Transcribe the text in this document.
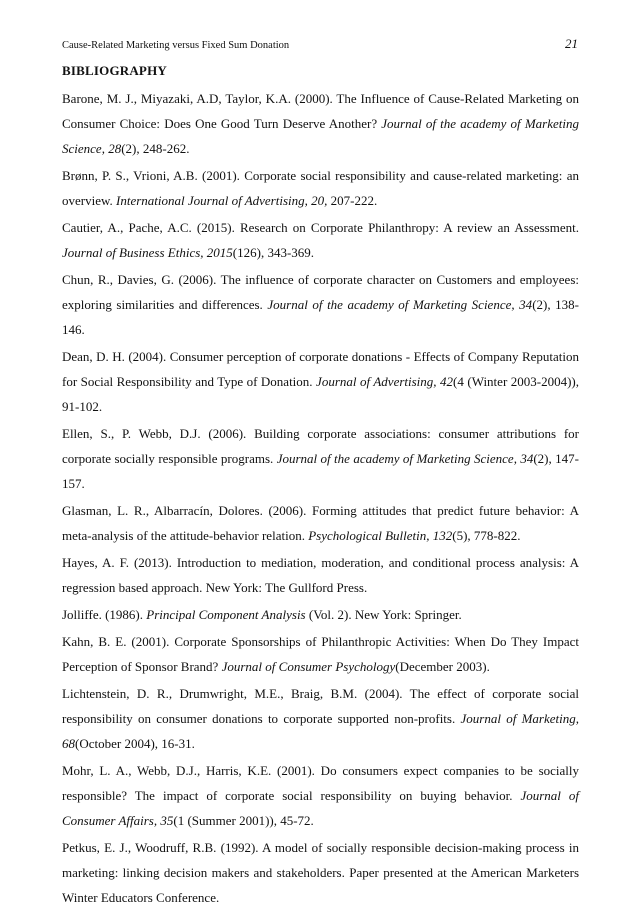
Cause-Related Marketing versus Fixed Sum Donation	21
BIBLIOGRAPHY

Barone, M. J., Miyazaki, A.D, Taylor, K.A. (2000). The Influence of Cause-Related Marketing on Consumer Choice: Does One Good Turn Deserve Another? Journal of the academy of Marketing Science, 28(2), 248-262.

Brønn, P. S., Vrioni, A.B. (2001). Corporate social responsibility and cause-related marketing: an overview. International Journal of Advertising, 20, 207-222.

Cautier, A., Pache, A.C. (2015). Research on Corporate Philanthropy: A review an Assessment. Journal of Business Ethics, 2015(126), 343-369.

Chun, R., Davies, G. (2006). The influence of corporate character on Customers and employees: exploring similarities and differences. Journal of the academy of Marketing Science, 34(2), 138-146.

Dean, D. H. (2004). Consumer perception of corporate donations - Effects of Company Reputation for Social Responsibility and Type of Donation. Journal of Advertising, 42(4 (Winter 2003-2004)), 91-102.

Ellen, S., P. Webb, D.J. (2006). Building corporate associations: consumer attributions for corporate socially responsible programs. Journal of the academy of Marketing Science, 34(2), 147-157.

Glasman, L. R., Albarracín, Dolores. (2006). Forming attitudes that predict future behavior: A meta-analysis of the attitude-behavior relation. Psychological Bulletin, 132(5), 778-822.

Hayes, A. F. (2013). Introduction to mediation, moderation, and conditional process analysis: A regression based approach. New York: The Gullford Press.

Jolliffe. (1986). Principal Component Analysis (Vol. 2). New York: Springer.

Kahn, B. E. (2001). Corporate Sponsorships of Philanthropic Activities: When Do They Impact Perception of Sponsor Brand? Journal of Consumer Psychology(December 2003).

Lichtenstein, D. R., Drumwright, M.E., Braig, B.M. (2004). The effect of corporate social responsibility on consumer donations to corporate supported non-profits. Journal of Marketing, 68(October 2004), 16-31.

Mohr, L. A., Webb, D.J., Harris, K.E. (2001). Do consumers expect companies to be socially responsible? The impact of corporate social responsibility on buying behavior. Journal of Consumer Affairs, 35(1 (Summer 2001)), 45-72.

Petkus, E. J., Woodruff, R.B. (1992). A model of socially responsible decision-making process in marketing: linking decision makers and stakeholders. Paper presented at the American Marketers Winter Educators Conference.
